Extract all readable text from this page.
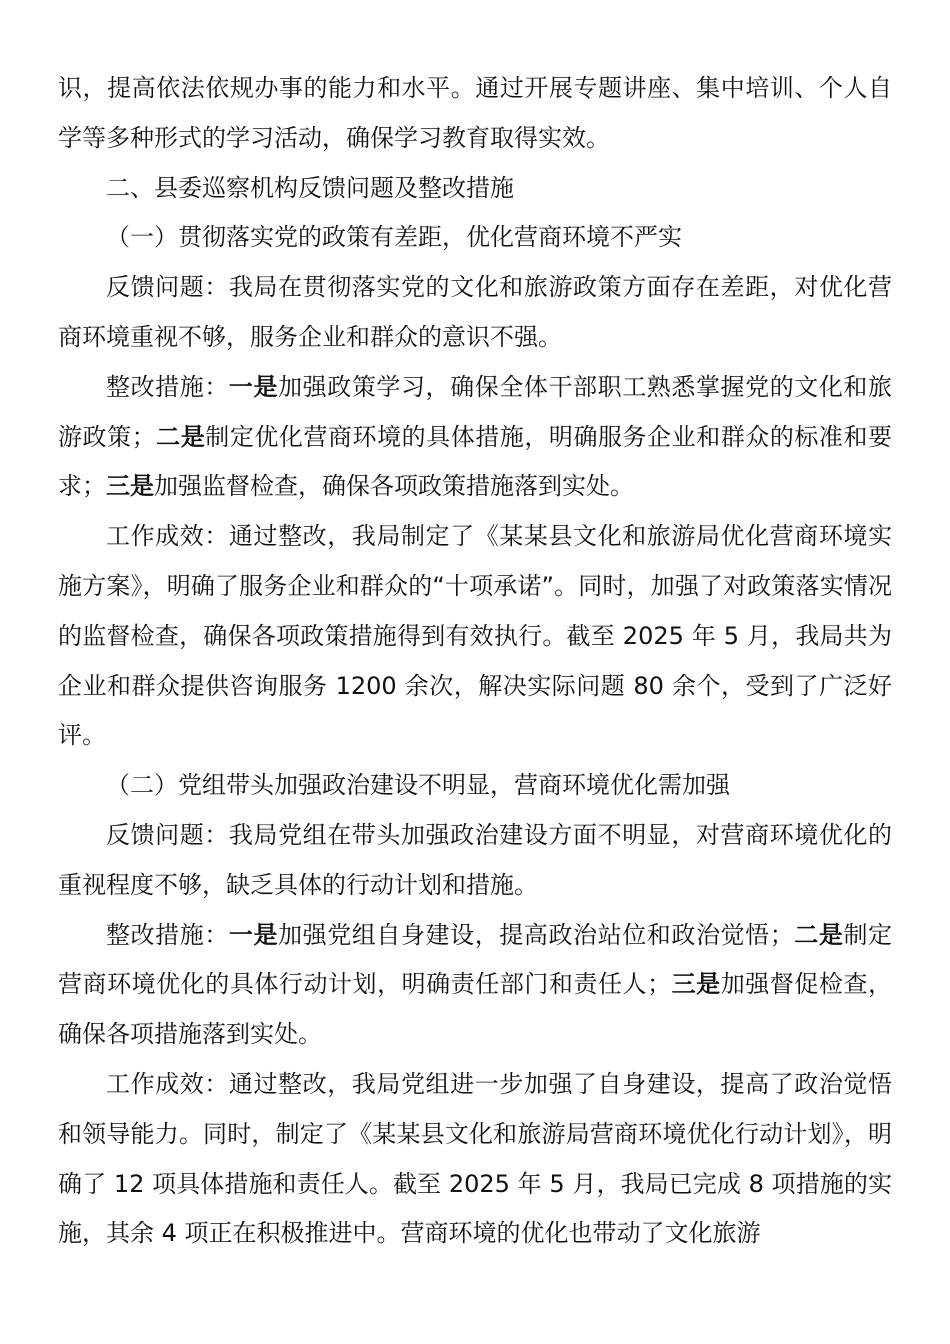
识，提高依法依规办事的能力和水平。通过开展专题讲座、集中培训、个人自学等多种形式的学习活动，确保学习教育取得实效。

二、县委巡察机构反馈问题及整改措施

（一）贯彻落实党的政策有差距，优化营商环境不严实

反馈问题：我局在贯彻落实党的文化和旅游政策方面存在差距，对优化营商环境重视不够，服务企业和群众的意识不强。

整改措施：一是加强政策学习，确保全体干部职工熟悉掌握党的文化和旅游政策；二是制定优化营商环境的具体措施，明确服务企业和群众的标准和要求；三是加强监督检查，确保各项政策措施落到实处。

工作成效：通过整改，我局制定了《某某县文化和旅游局优化营商环境实施方案》，明确了服务企业和群众的“十项承诺”。同时，加强了对政策落实情况的监督检查，确保各项政策措施得到有效执行。截至 2025 年 5 月，我局共为企业和群众提供咨询服务 1200 余次，解决实际问题 80 余个，受到了广泛好评。

（二）党组带头加强政治建设不明显，营商环境优化需加强

反馈问题：我局党组在带头加强政治建设方面不明显，对营商环境优化的重视程度不够，缺乏具体的行动计划和措施。

整改措施：一是加强党组自身建设，提高政治站位和政治觉悟；二是制定营商环境优化的具体行动计划，明确责任部门和责任人；三是加强督促检查，确保各项措施落到实处。

工作成效：通过整改，我局党组进一步加强了自身建设，提高了政治觉悟和领导能力。同时，制定了《某某县文化和旅游局营商环境优化行动计划》，明确了 12 项具体措施和责任人。截至 2025 年 5 月，我局已完成 8 项措施的实施，其余 4 项正在积极推进中。营商环境的优化也带动了文化旅游
